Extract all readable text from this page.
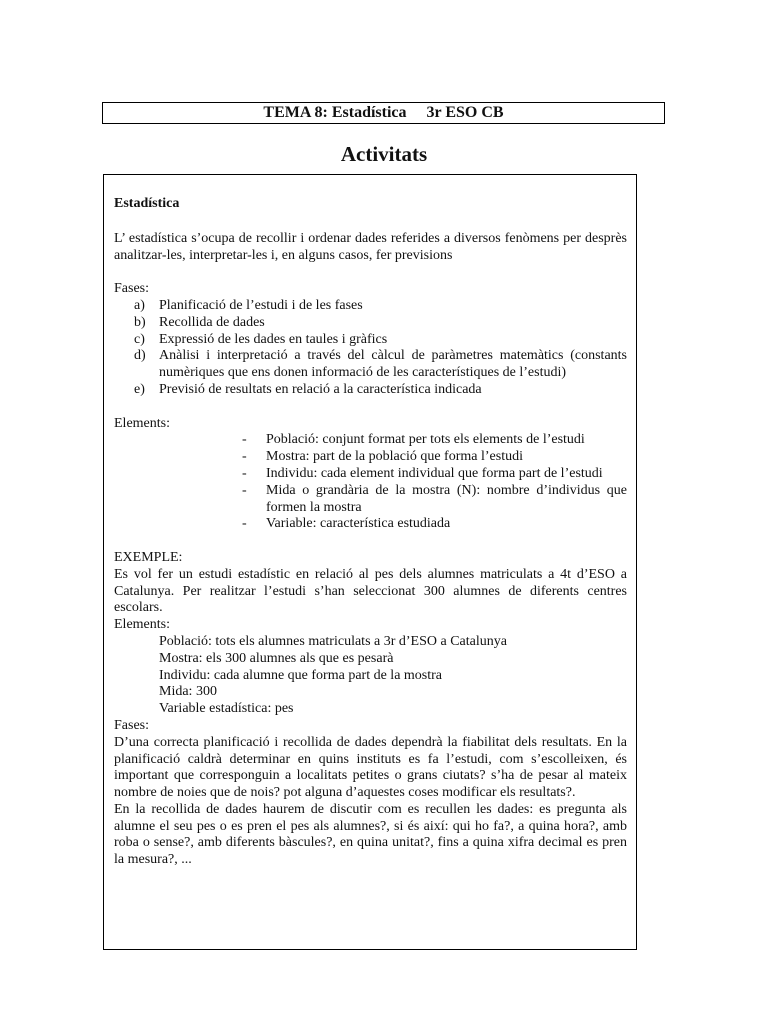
TEMA 8: Estadística 3r ESO CB
Activitats

Estadística

L’ estadística s’ocupa de recollir i ordenar dades referides a diversos fenòmens per desprès analitzar-les, interpretar-les i, en alguns casos, fer previsions

Fases:

a)	Planificació de l’estudi i de les fases
b) Recollida de dades
c)	Expressió de les dades en taules i gràfics
d) Anàlisi i interpretació a través del càlcul de paràmetres matemàtics (constants numèriques que ens donen informació de les característiques de l’estudi)
e)	Previsió de resultats en relació a la característica indicada

Elements:

-	Població: conjunt format per tots els elements de l’estudi
-	Mostra: part de la població que forma l’estudi
-	Individu: cada element individual que forma part de l’estudi
-	Mida o grandària de la mostra (N): nombre d’individus que formen la mostra
-	Variable: característica estudiada

EXEMPLE:

Es vol fer un estudi estadístic en relació al pes dels alumnes matriculats a 4t d’ESO a Catalunya. Per realitzar l’estudi s’han seleccionat 300 alumnes de diferents centres escolars.

Elements:

Població: tots els alumnes matriculats a 3r d’ESO a Catalunya

Mostra: els 300 alumnes als que es pesarà

Individu: cada alumne que forma part de la mostra

Mida: 300

Variable estadística: pes

Fases:

D’una correcta planificació i recollida de dades dependrà la fiabilitat dels resultats. En la planificació caldrà determinar en quins instituts es fa l’estudi, com s’escolleixen, és important que corresponguin a localitats petites o grans ciutats? s’ha de pesar al mateix nombre de noies que de nois? pot alguna d’aquestes coses modificar els resultats?.

En la recollida de dades haurem de discutir com es recullen les dades: es pregunta als alumne el seu pes o es pren el pes als alumnes?, si és així: qui ho fa?, a quina hora?, amb roba o sense?, amb diferents bàscules?, en quina unitat?, fins a quina xifra decimal es pren la mesura?, ...
